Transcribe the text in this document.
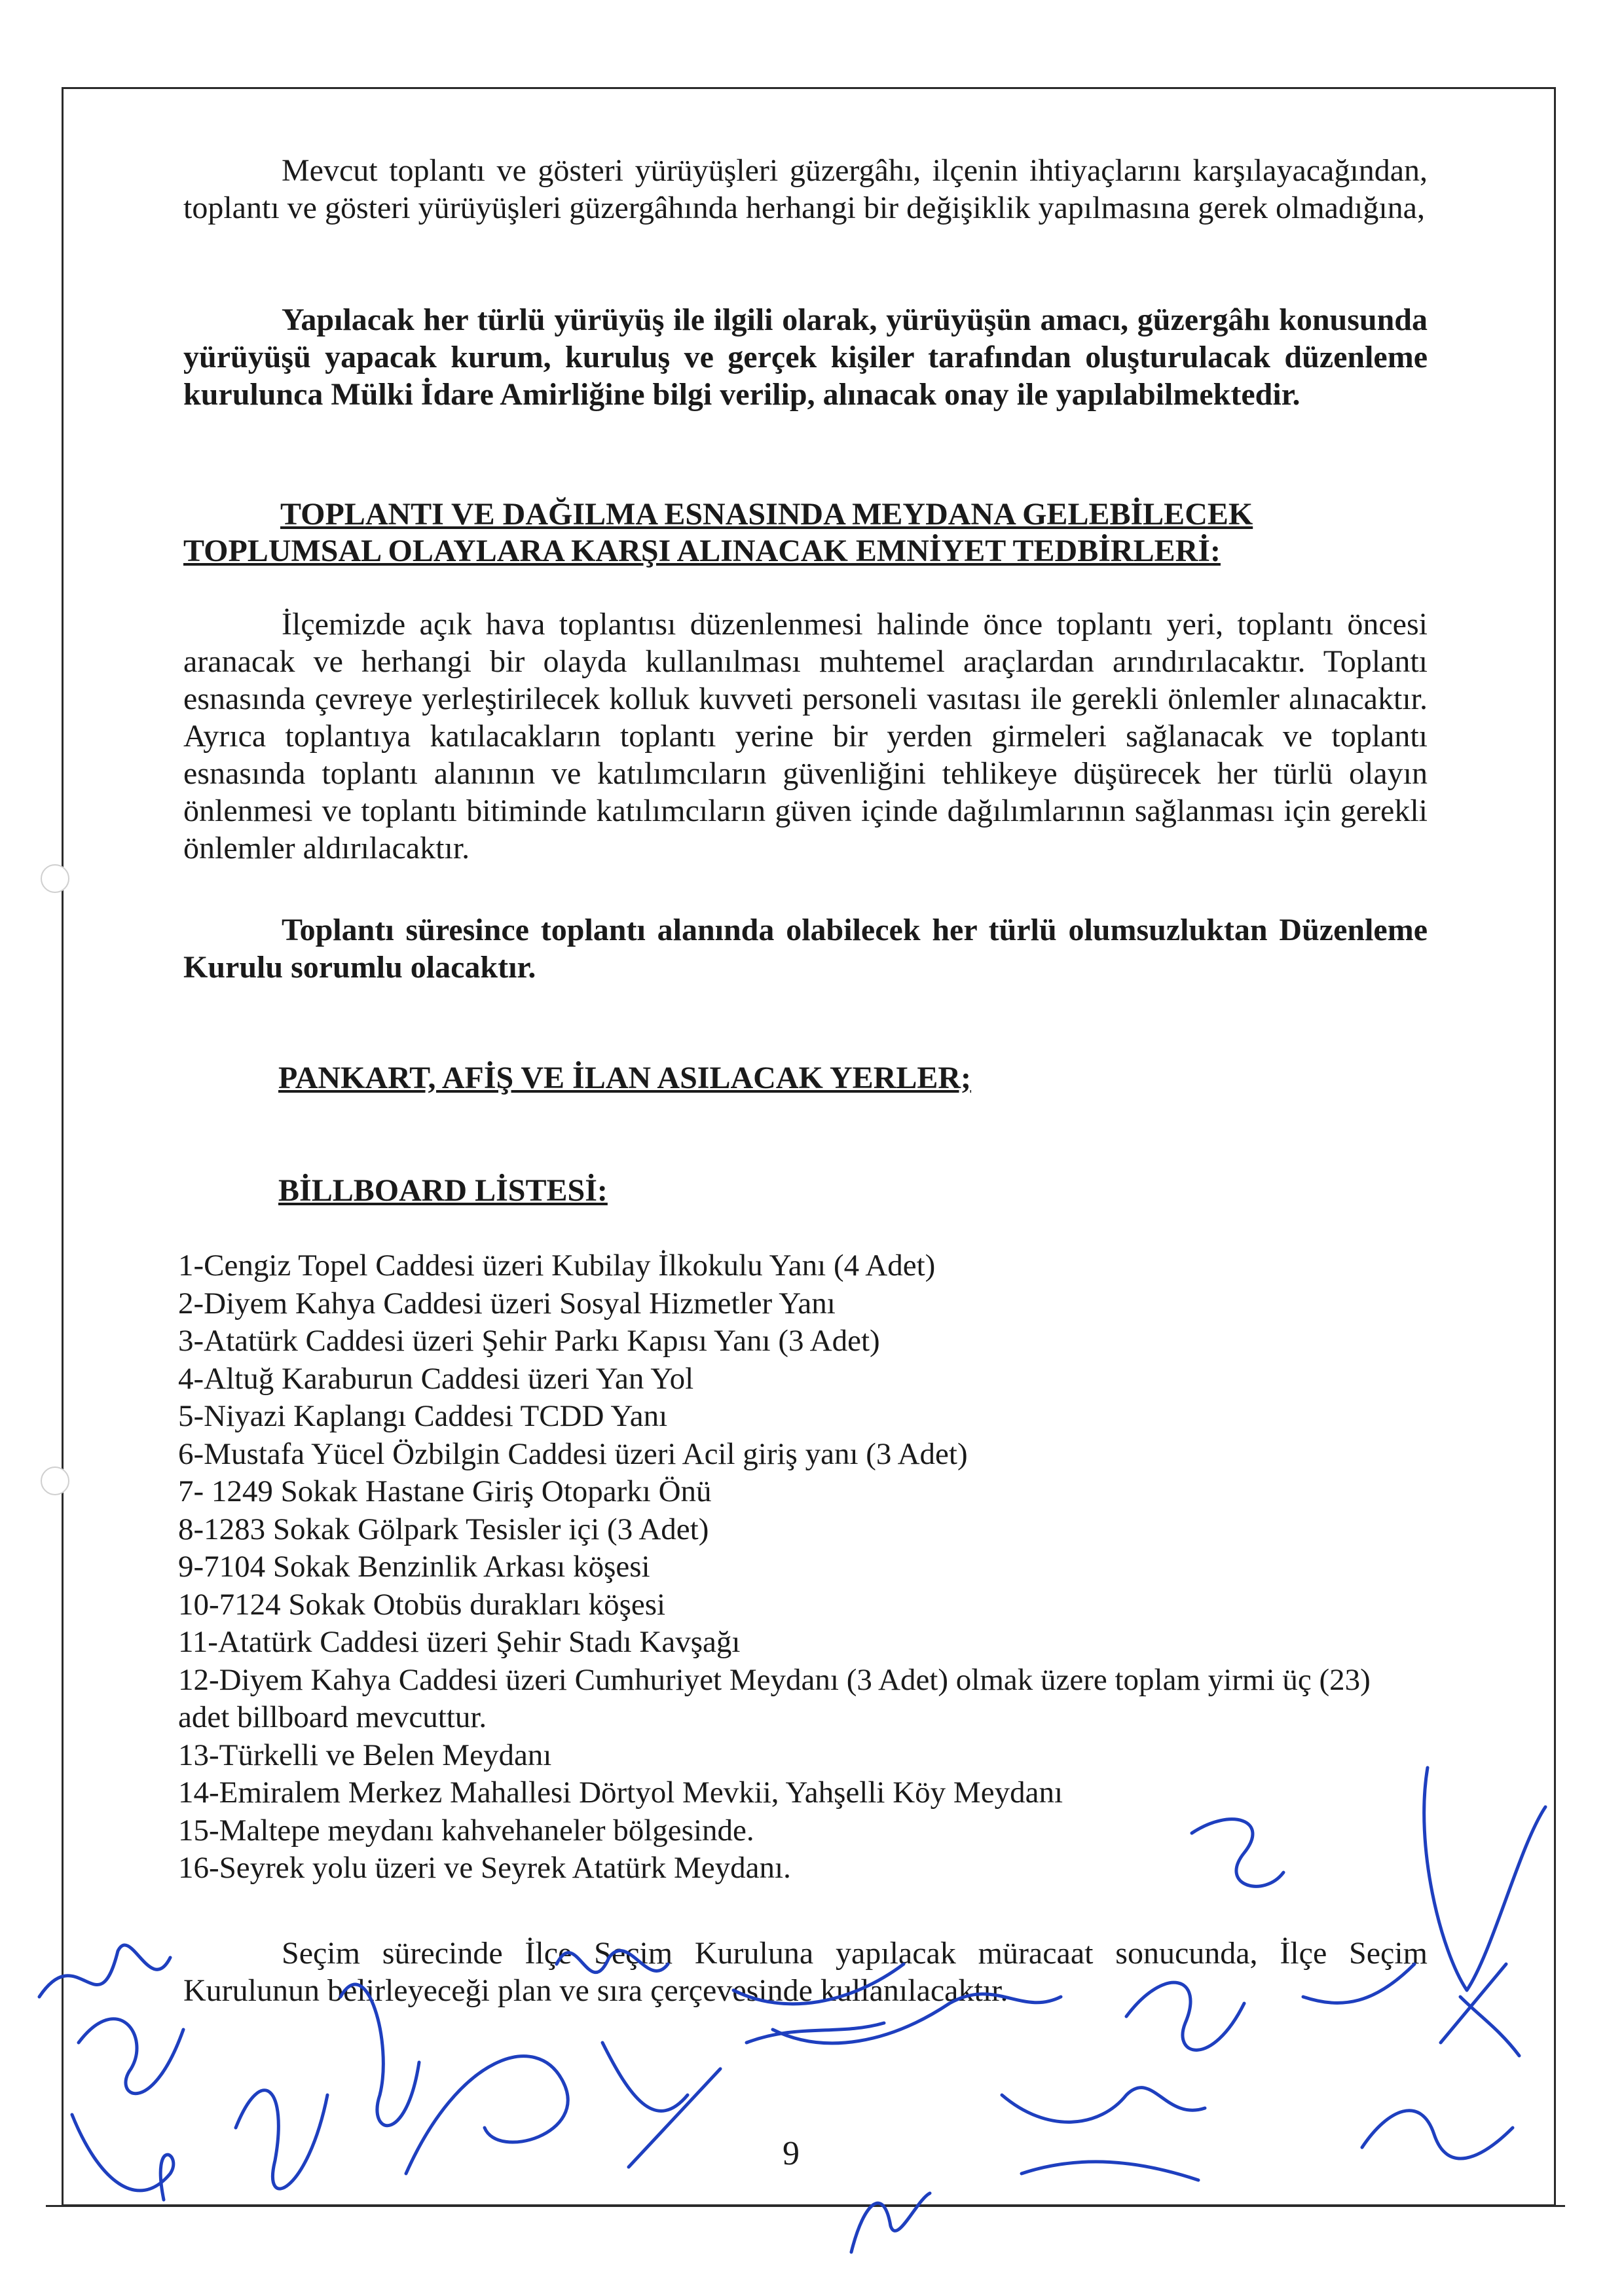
Mevcut toplantı ve gösteri yürüyüşleri güzergâhı, ilçenin ihtiyaçlarını karşılayacağından, toplantı ve gösteri yürüyüşleri güzergâhında herhangi bir değişiklik yapılmasına gerek olmadığına,
Yapılacak her türlü yürüyüş ile ilgili olarak, yürüyüşün amacı, güzergâhı konusunda yürüyüşü yapacak kurum, kuruluş ve gerçek kişiler tarafından oluşturulacak düzenleme kurulunca Mülki İdare Amirliğine bilgi verilip, alınacak onay ile yapılabilmektedir.
TOPLANTI VE DAĞILMA ESNASINDA MEYDANA GELEBİLECEK
TOPLUMSAL OLAYLARA KARŞI ALINACAK EMNİYET TEDBİRLERİ:
İlçemizde açık hava toplantısı düzenlenmesi halinde önce toplantı yeri, toplantı öncesi aranacak ve herhangi bir olayda kullanılması muhtemel araçlardan arındırılacaktır. Toplantı esnasında çevreye yerleştirilecek kolluk kuvveti personeli vasıtası ile gerekli önlemler alınacaktır. Ayrıca toplantıya katılacakların toplantı yerine bir yerden girmeleri sağlanacak ve toplantı esnasında toplantı alanının ve katılımcıların güvenliğini tehlikeye düşürecek her türlü olayın önlenmesi ve toplantı bitiminde katılımcıların güven içinde dağılımlarının sağlanması için gerekli önlemler aldırılacaktır.
Toplantı süresince toplantı alanında olabilecek her türlü olumsuzluktan Düzenleme Kurulu sorumlu olacaktır.
PANKART, AFİŞ VE İLAN ASILACAK YERLER;
BİLLBOARD LİSTESİ:
1-Cengiz Topel Caddesi üzeri Kubilay İlkokulu Yanı (4 Adet)
2-Diyem Kahya Caddesi üzeri Sosyal Hizmetler Yanı
3-Atatürk Caddesi üzeri Şehir Parkı Kapısı Yanı (3 Adet)
4-Altuğ Karaburun Caddesi üzeri Yan Yol
5-Niyazi Kaplangı Caddesi TCDD Yanı
6-Mustafa Yücel Özbilgin Caddesi üzeri Acil giriş yanı (3 Adet)
7- 1249 Sokak Hastane Giriş Otoparkı Önü
8-1283 Sokak Gölpark Tesisler içi (3 Adet)
9-7104 Sokak Benzinlik Arkası köşesi
10-7124 Sokak Otobüs durakları köşesi
11-Atatürk Caddesi üzeri Şehir Stadı Kavşağı
12-Diyem Kahya Caddesi üzeri Cumhuriyet Meydanı (3 Adet) olmak üzere toplam yirmi üç (23) adet billboard mevcuttur.
13-Türkelli ve Belen Meydanı
14-Emiralem Merkez Mahallesi Dörtyol Mevkii, Yahşelli Köy Meydanı
15-Maltepe meydanı kahvehaneler bölgesinde.
16-Seyrek yolu üzeri ve Seyrek Atatürk Meydanı.
Seçim sürecinde İlçe Seçim Kuruluna yapılacak müracaat sonucunda, İlçe Seçim Kurulunun belirleyeceği plan ve sıra çerçevesinde kullanılacaktır.
9
